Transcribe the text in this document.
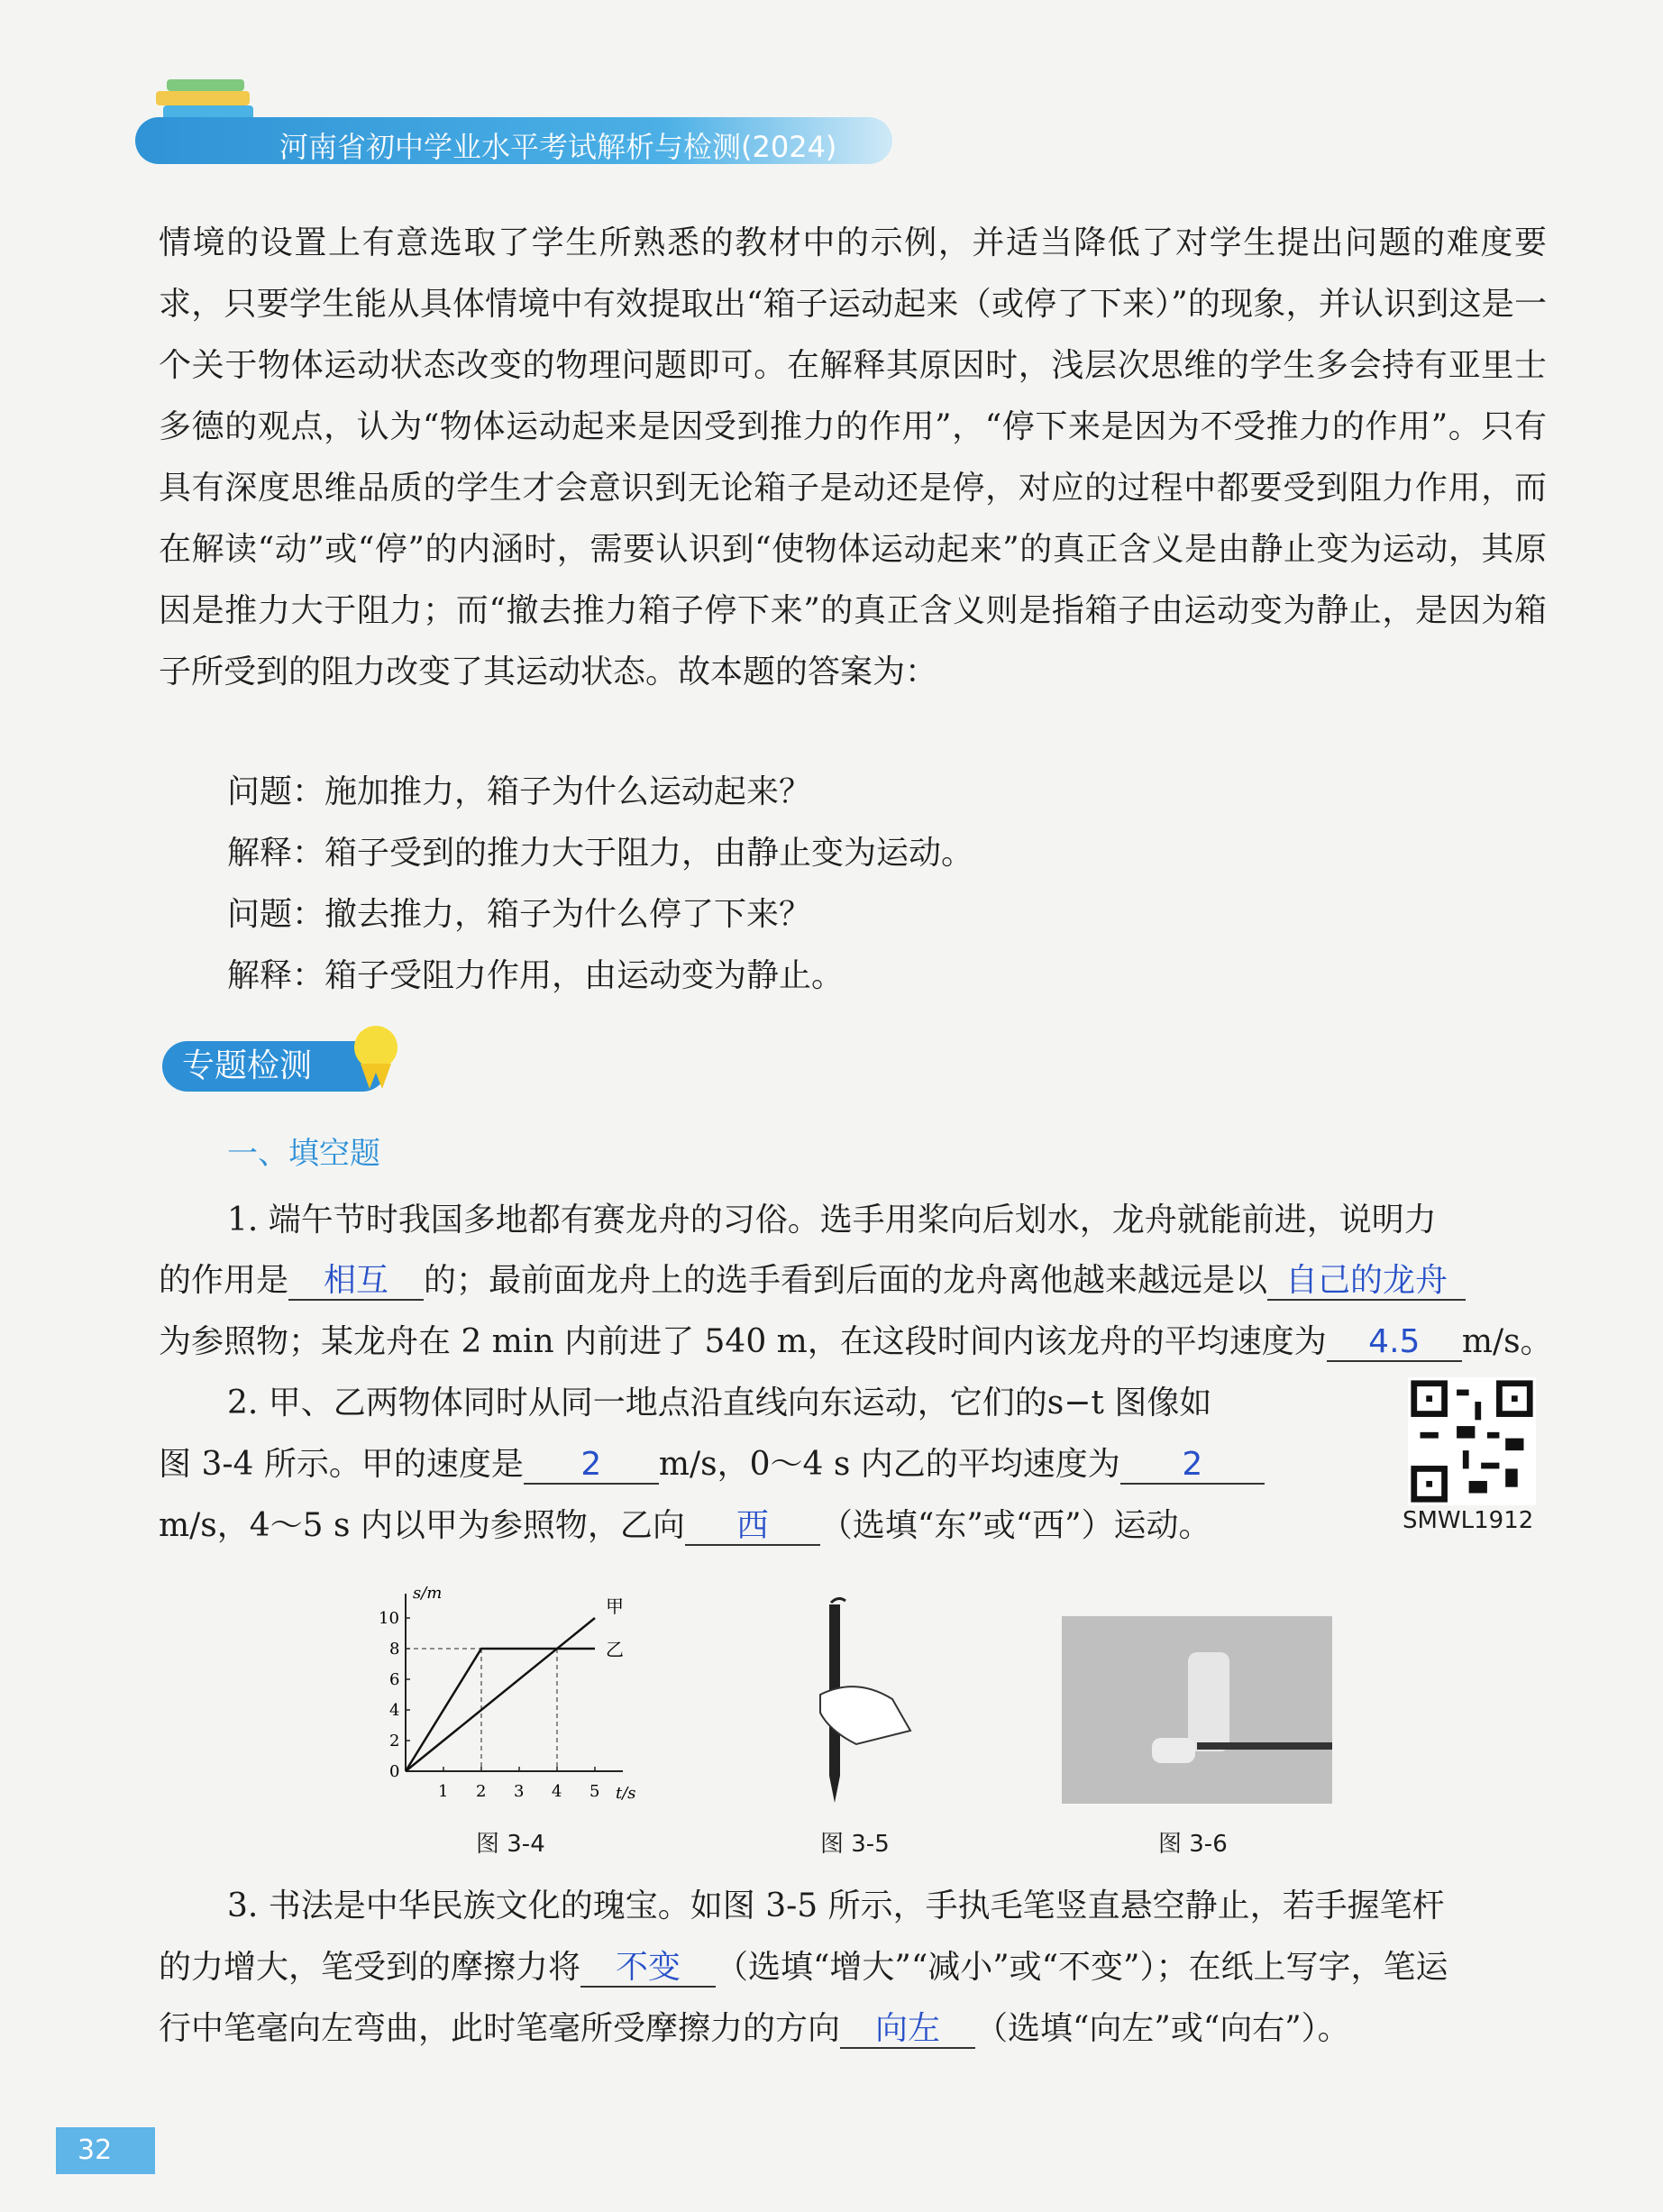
河南省初中学业水平考试解析与检测(2024)
情境的设置上有意选取了学生所熟悉的教材中的示例，并适当降低了对学生提出问题的难度要求，只要学生能从具体情境中有效提取出“箱子运动起来（或停了下来）”的现象，并认识到这是一个关于物体运动状态改变的物理问题即可。在解释其原因时，浅层次思维的学生多会持有亚里士多德的观点，认为“物体运动起来是因受到推力的作用”，“停下来是因为不受推力的作用”。只有具有深度思维品质的学生才会意识到无论箱子是动还是停，对应的过程中都要受到阻力作用，而在解读“动”或“停”的内涵时，需要认识到“使物体运动起来”的真正含义是由静止变为运动，其原因是推力大于阻力；而“撤去推力箱子停下来”的真正含义则是指箱子由运动变为静止，是因为箱子所受到的阻力改变了其运动状态。故本题的答案为：
问题：施加推力，箱子为什么运动起来？
解释：箱子受到的推力大于阻力，由静止变为运动。
问题：撤去推力，箱子为什么停了下来？
解释：箱子受阻力作用，由运动变为静止。
专题检测
一、填空题
1. 端午节时我国多地都有赛龙舟的习俗。选手用桨向后划水，龙舟就能前进，说明力
的作用是 相互 的；最前面龙舟上的选手看到后面的龙舟离他越来越远是以 自己的龙舟
为参照物；某龙舟在 2 min 内前进了 540 m，在这段时间内该龙舟的平均速度为 4.5 m/s。
2. 甲、乙两物体同时从同一地点沿直线向东运动，它们的s−t 图像如
图 3-4 所示。甲的速度是 2 m/s，0～4 s 内乙的平均速度为 2
m/s，4～5 s 内以甲为参照物，乙向 西 （选填“东”或“西”）运动。	SMWL1912
s/m
t/s
1 2 3 4 5
0
2
4
6
8
10
甲
乙
图 3-4	图 3-5	图 3-6
3. 书法是中华民族文化的瑰宝。如图 3-5 所示，手执毛笔竖直悬空静止，若手握笔杆
的力增大，笔受到的摩擦力将 不变 （选填“增大”“减小”或“不变”）；在纸上写字，笔运
行中笔毫向左弯曲，此时笔毫所受摩擦力的方向 向左 （选填“向左”或“向右”）。
32
